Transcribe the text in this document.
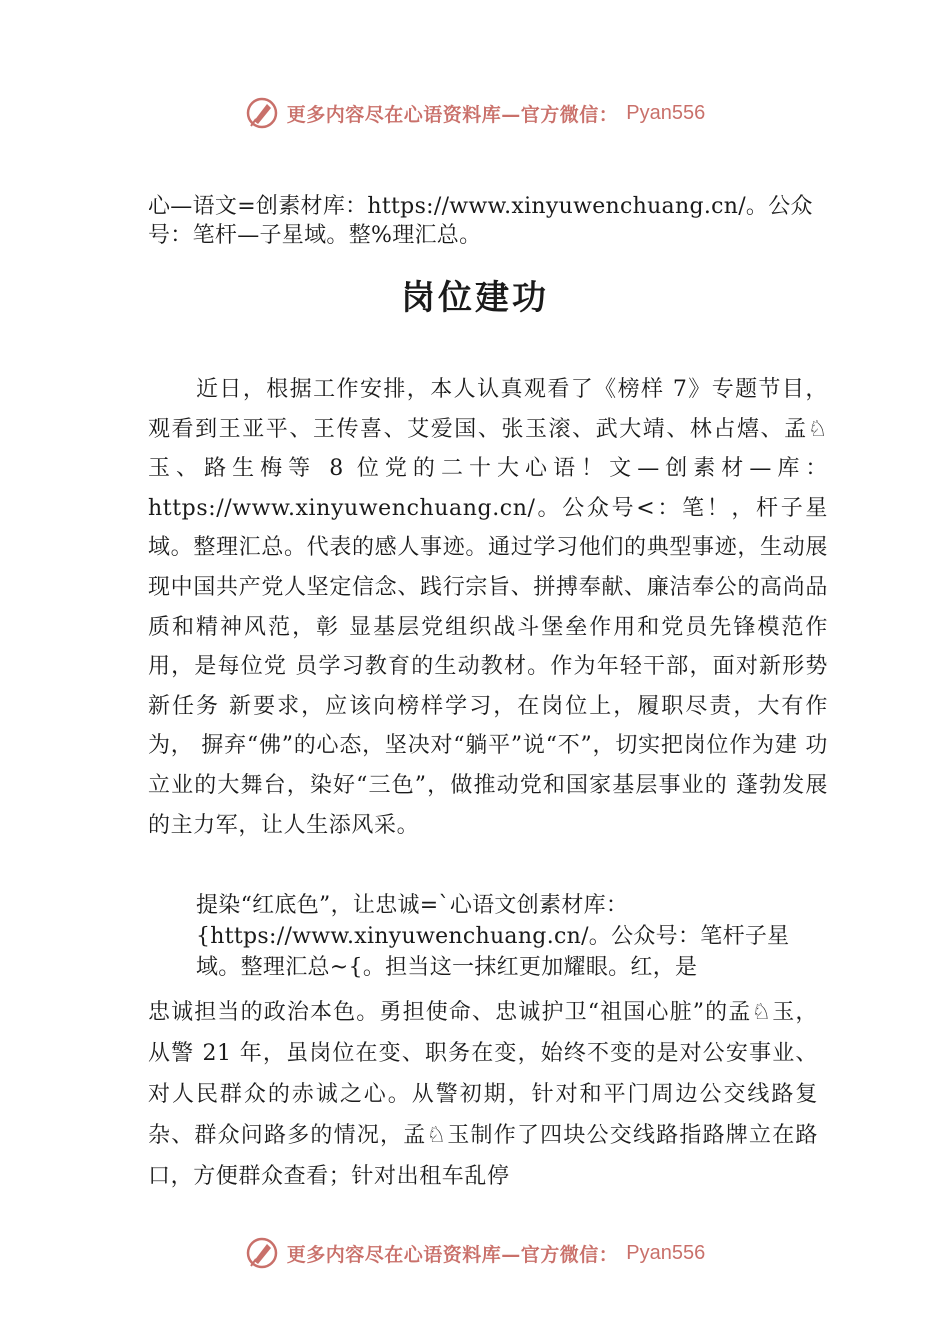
更多内容尽在心语资料库—官方微信： Pyan556
心—语文=创素材库：https://www.xinyuwenchuang.cn/。公众号：笔杆—子星域。整%理汇总。
岗位建功

近日，根据工作安排，本人认真观看了《榜样 7》专题节目，观看到王亚平、王传喜、艾爱国、张玉滚、武大靖、林占熺、孟♘玉、路生梅等 8 位党的二十大心语！文—创素材—库：https://www.xinyuwenchuang.cn/。公众号<：笔！，杆子星域。整理汇总。代表的感人事迹。通过学习他们的典型事迹，生动展现中国共产党人坚定信念、践行宗旨、拼搏奉献、廉洁奉公的高尚品质和精神风范，彰 显基层党组织战斗堡垒作用和党员先锋模范作用，是每位党 员学习教育的生动教材。作为年轻干部，面对新形势新任务 新要求，应该向榜样学习，在岗位上，履职尽责，大有作为， 摒弃“佛”的心态，坚决对“躺平”说“不”，切实把岗位作为建 功立业的大舞台，染好“三色”，做推动党和国家基层事业的 蓬勃发展的主力军，让人生添风采。

提染“红底色”，让忠诚=`心语文创素材库：{https://www.xinyuwenchuang.cn/。公众号：笔杆子星域。整理汇总~{。担当这一抹红更加耀眼。红，是

忠诚担当的政治本色。勇担使命、忠诚护卫“祖国心脏”的孟♘玉，从警 21 年，虽岗位在变、职务在变，始终不变的是对公安事业、对人民群众的赤诚之心。从警初期，针对和平门周边公交线路复杂、群众问路多的情况，孟♘玉制作了四块公交线路指路牌立在路口，方便群众查看；针对出租车乱停

更多内容尽在心语资料库—官方微信： Pyan556
